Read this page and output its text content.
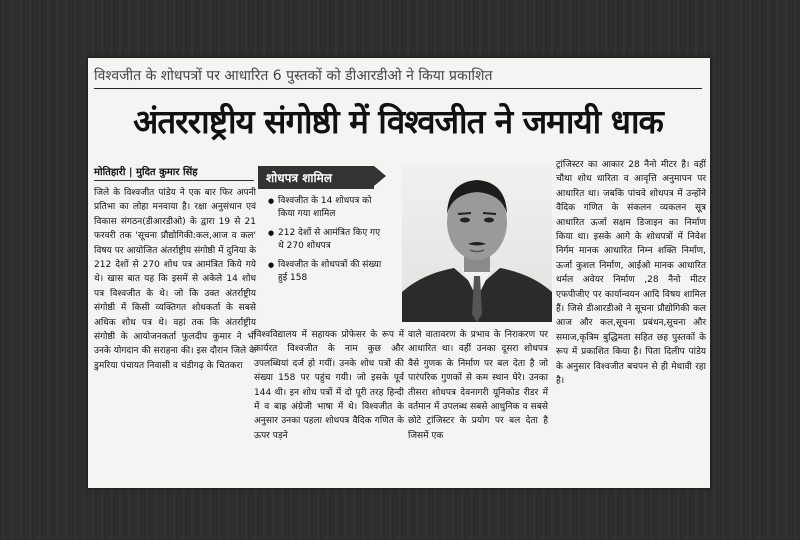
विश्वजीत के शोधपत्रों पर आधारित 6 पुस्तकों को डीआरडीओ ने किया प्रकाशित
अंतरराष्ट्रीय संगोष्ठी में विश्वजीत ने जमायी धाक
मोतिहारी | मुदित कुमार सिंह

जिले के विश्वजीत पांडेय ने एक बार फिर अपनी प्रतिभा का लोहा मनवाया है। रक्षा अनुसंधान एवं विकास संगठन(डीआरडीओ) के द्वारा 19 से 21 फरवरी तक 'सूचना प्रौद्योगिकी:कल,आज व कल' विषय पर आयोजित अंतर्राष्ट्रीय संगोष्ठी में दुनिया के 212 देशों से 270 शोध पत्र आमंत्रित किये गये थे। खास बात यह कि इसमें से अकेले 14 शोध पत्र विश्वजीत के थे। जो कि उक्त अंतर्राष्ट्रीय संगोष्ठी में किसी व्यक्तिगत शोधकर्ता के सबसे अधिक शोध पत्र थे। वहां तक कि अंतर्राष्ट्रीय संगोष्ठी के आयोजनकर्ता फुलदीप कुमार ने भी उनके योगदान की सराहना की। इस दौरान जिले के डुमरिया पंचायत निवासी व चंडीगढ़ के चितकरा

शोधपत्र शामिल
● विश्वजीत के 14 शोधपत्र को किया गया शामिल
● 212 देशों से आमंत्रित किए गए थे 270 शोधपत्र
● विश्वजीत के शोधपत्रों की संख्या हुई 158

विश्वविद्यालय में सहायक प्रोफेसर के रूप में कार्यरत विश्वजीत के नाम कुछ और उपलब्धियां दर्ज हो गयीं। उनके शोध पत्रों की संख्या 158 पर पहुंच गयी। जो इसके पूर्व 144 थी। इन शोध पत्रों में दो पूरी तरह हिन्दी में व बाह्र अंग्रेजी भाषा में थे। विश्वजीत के अनुसार उनका पहला शोधपत्र वैदिक गणित के ऊपर पड़ने

वाले वातावरण के प्रभाव के निराकरण पर आधारित था। वहीं उनका दूसरा शोधपत्र वैसे गुणक के निर्माण पर बल देता है जो पारंपरिक गुणकों से कम स्थान घेरे। उनका तीसरा शोधपत्र देवनागरी यूनिकोड रीडर में वर्तमान में उपलब्ध सबसे आधुनिक व सबसे छोटे ट्रांजिस्टर के प्रयोग पर बल देता है जिसमें एक

ट्रांजिस्टर का आकार 28 नैनो मीटर है। वहीं चौथा शोध धारिता व आवृत्ति अनुमापन पर आधारित था। जबकि पांचवे शोधपत्र में उन्होंने वैदिक गणित के संकलन व्यकलन सूत्र आधारित ऊर्जा सक्षम डिजाइन का निर्माण किया था। इसके आगे के शोधपत्रों में निवेश निर्गम मानक आधारित निम्न शक्ति निर्माण, ऊर्जा कुशल निर्माण, आईओ मानक आधारित थर्मल अवेयर निर्माण ,28 नैनो मीटर एफपीजीए पर कार्यान्वयन आदि विषय शामिल हैं। जिसे डीआरडीओ ने सूचना प्रौद्योगिकी कल आज और कल,सूचना प्रबंधन,सूचना और समाज,कृत्रिम बुद्धिमता सहित छह पुस्तकों के रूप में प्रकाशित किया है। पिता दिलीप पांडेय के अनुसार विश्वजीत बचपन से ही मेधावी रहा है।
